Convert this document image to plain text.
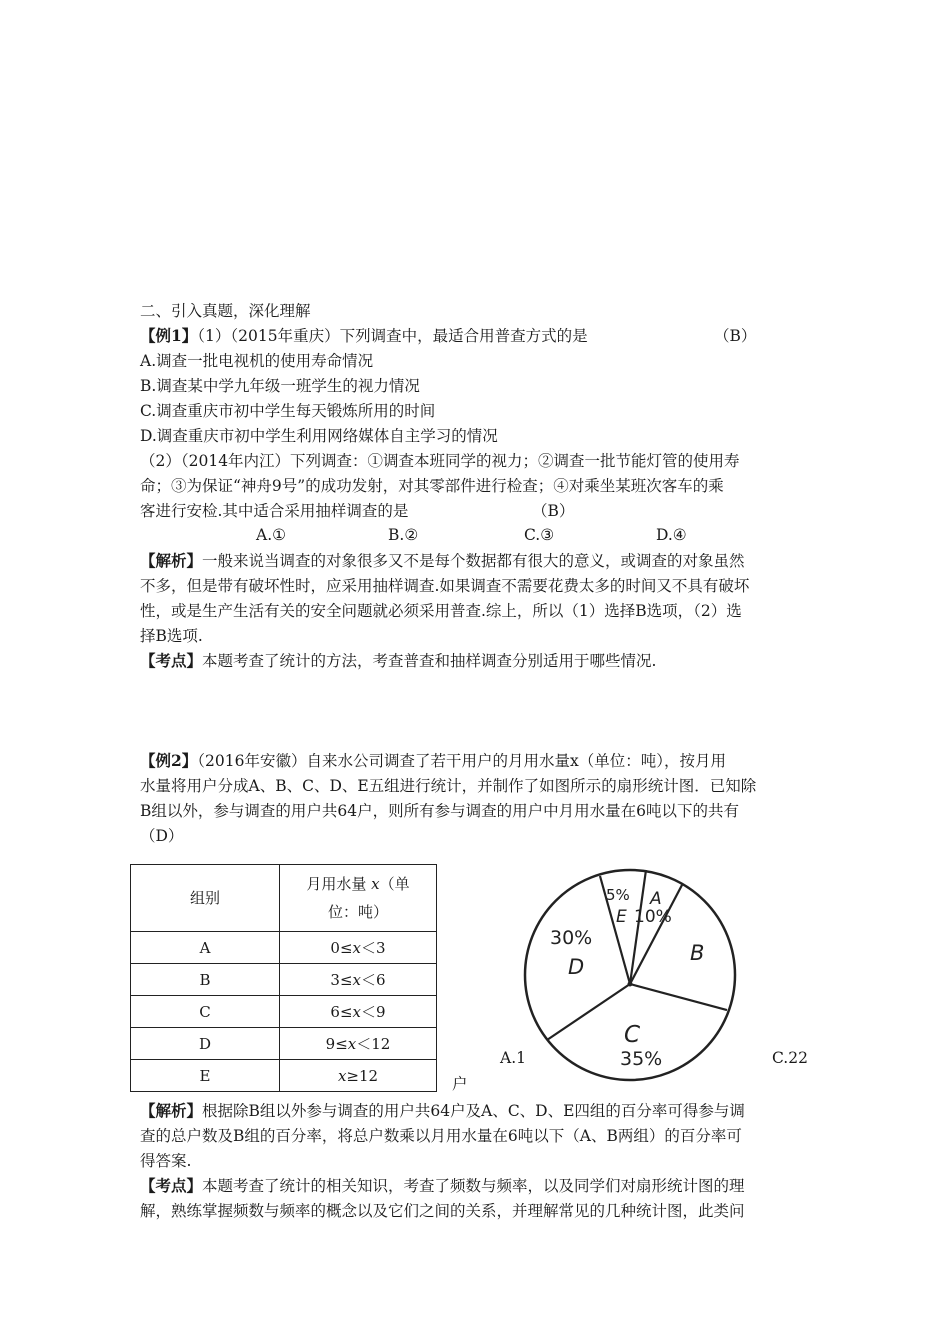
二、引入真题，深化理解
【例1】（1）（2015年重庆）下列调查中，最适合用普查方式的是	（B）
A.调查一批电视机的使用寿命情况
B.调查某中学九年级一班学生的视力情况
C.调查重庆市初中学生每天锻炼所用的时间
D.调查重庆市初中学生利用网络媒体自主学习的情况
（2）（2014年内江）下列调查：①调查本班同学的视力；②调查一批节能灯管的使用寿
命；③为保证“神舟9号”的成功发射，对其零部件进行检查；④对乘坐某班次客车的乘
客进行安检.其中适合采用抽样调查的是	（B）
A.①	B.②	C.③	D.④
【解析】一般来说当调查的对象很多又不是每个数据都有很大的意义，或调查的对象虽然
不多，但是带有破坏性时，应采用抽样调查.如果调查不需要花费太多的时间又不具有破坏
性，或是生产生活有关的安全问题就必须采用普查.综上，所以（1）选择B选项，（2）选
择B选项.
【考点】本题考查了统计的方法，考查普查和抽样调查分别适用于哪些情况.
【例2】（2016年安徽）自来水公司调查了若干用户的月用水量x（单位：吨），按月用
水量将用户分成A、B、C、D、E五组进行统计，并制作了如图所示的扇形统计图．已知除
B组以外，参与调查的用户共64户，则所有参与调查的用户中月用水量在6吨以下的共有
（D）
组别	月用水量 x（单
位：吨）
A	0≤x＜3
B	3≤x＜6
C	6≤x＜9
D	9≤x＜12
E	x≥12	户
A.1	C.22
5% A
E 10%
B
30%
D
C
35%
【解析】根据除B组以外参与调查的用户共64户及A、C、D、E四组的百分率可得参与调
查的总户数及B组的百分率，将总户数乘以月用水量在6吨以下（A、B两组）的百分率可
得答案.
【考点】本题考查了统计的相关知识，考查了频数与频率，以及同学们对扇形统计图的理
解，熟练掌握频数与频率的概念以及它们之间的关系，并理解常见的几种统计图，此类问
